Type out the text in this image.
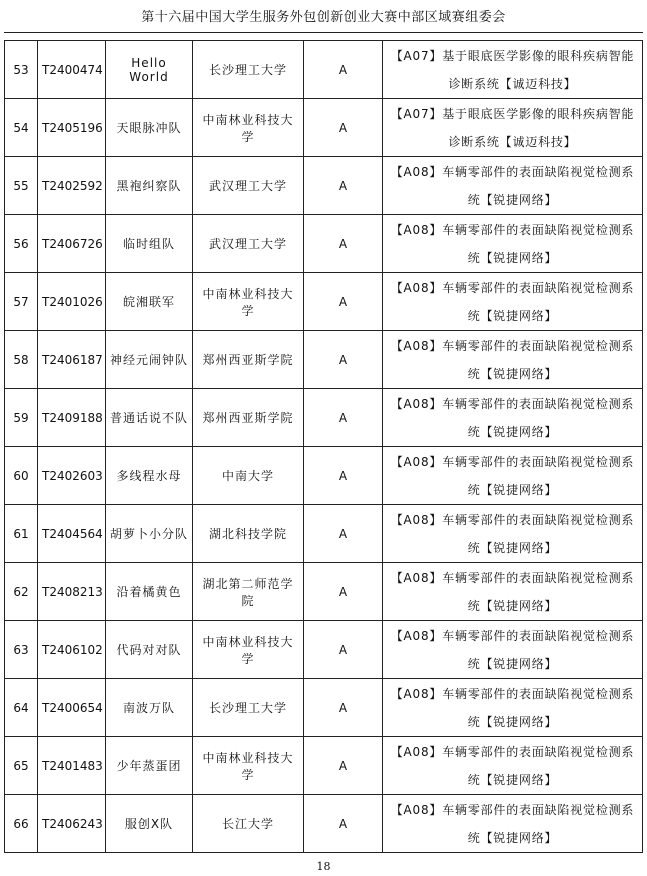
第十六届中国大学生服务外包创新创业大赛中部区域赛组委会
53	T2400474	Hello World	长沙理工大学	A	【A07】基于眼底医学影像的眼科疾病智能诊断系统【诚迈科技】
54	T2405196	天眼脉冲队	中南林业科技大学	A	【A07】基于眼底医学影像的眼科疾病智能诊断系统【诚迈科技】
55	T2402592	黑袍纠察队	武汉理工大学	A	【A08】车辆零部件的表面缺陷视觉检测系统【锐捷网络】
56	T2406726	临时组队	武汉理工大学	A	【A08】车辆零部件的表面缺陷视觉检测系统【锐捷网络】
57	T2401026	皖湘联军	中南林业科技大学	A	【A08】车辆零部件的表面缺陷视觉检测系统【锐捷网络】
58	T2406187	神经元闹钟队	郑州西亚斯学院	A	【A08】车辆零部件的表面缺陷视觉检测系统【锐捷网络】
59	T2409188	普通话说不队	郑州西亚斯学院	A	【A08】车辆零部件的表面缺陷视觉检测系统【锐捷网络】
60	T2402603	多线程水母	中南大学	A	【A08】车辆零部件的表面缺陷视觉检测系统【锐捷网络】
61	T2404564	胡萝卜小分队	湖北科技学院	A	【A08】车辆零部件的表面缺陷视觉检测系统【锐捷网络】
62	T2408213	沿着橘黄色	湖北第二师范学院	A	【A08】车辆零部件的表面缺陷视觉检测系统【锐捷网络】
63	T2406102	代码对对队	中南林业科技大学	A	【A08】车辆零部件的表面缺陷视觉检测系统【锐捷网络】
64	T2400654	南波万队	长沙理工大学	A	【A08】车辆零部件的表面缺陷视觉检测系统【锐捷网络】
65	T2401483	少年蒸蛋团	中南林业科技大学	A	【A08】车辆零部件的表面缺陷视觉检测系统【锐捷网络】
66	T2406243	服创X队	长江大学	A	【A08】车辆零部件的表面缺陷视觉检测系统【锐捷网络】
18
